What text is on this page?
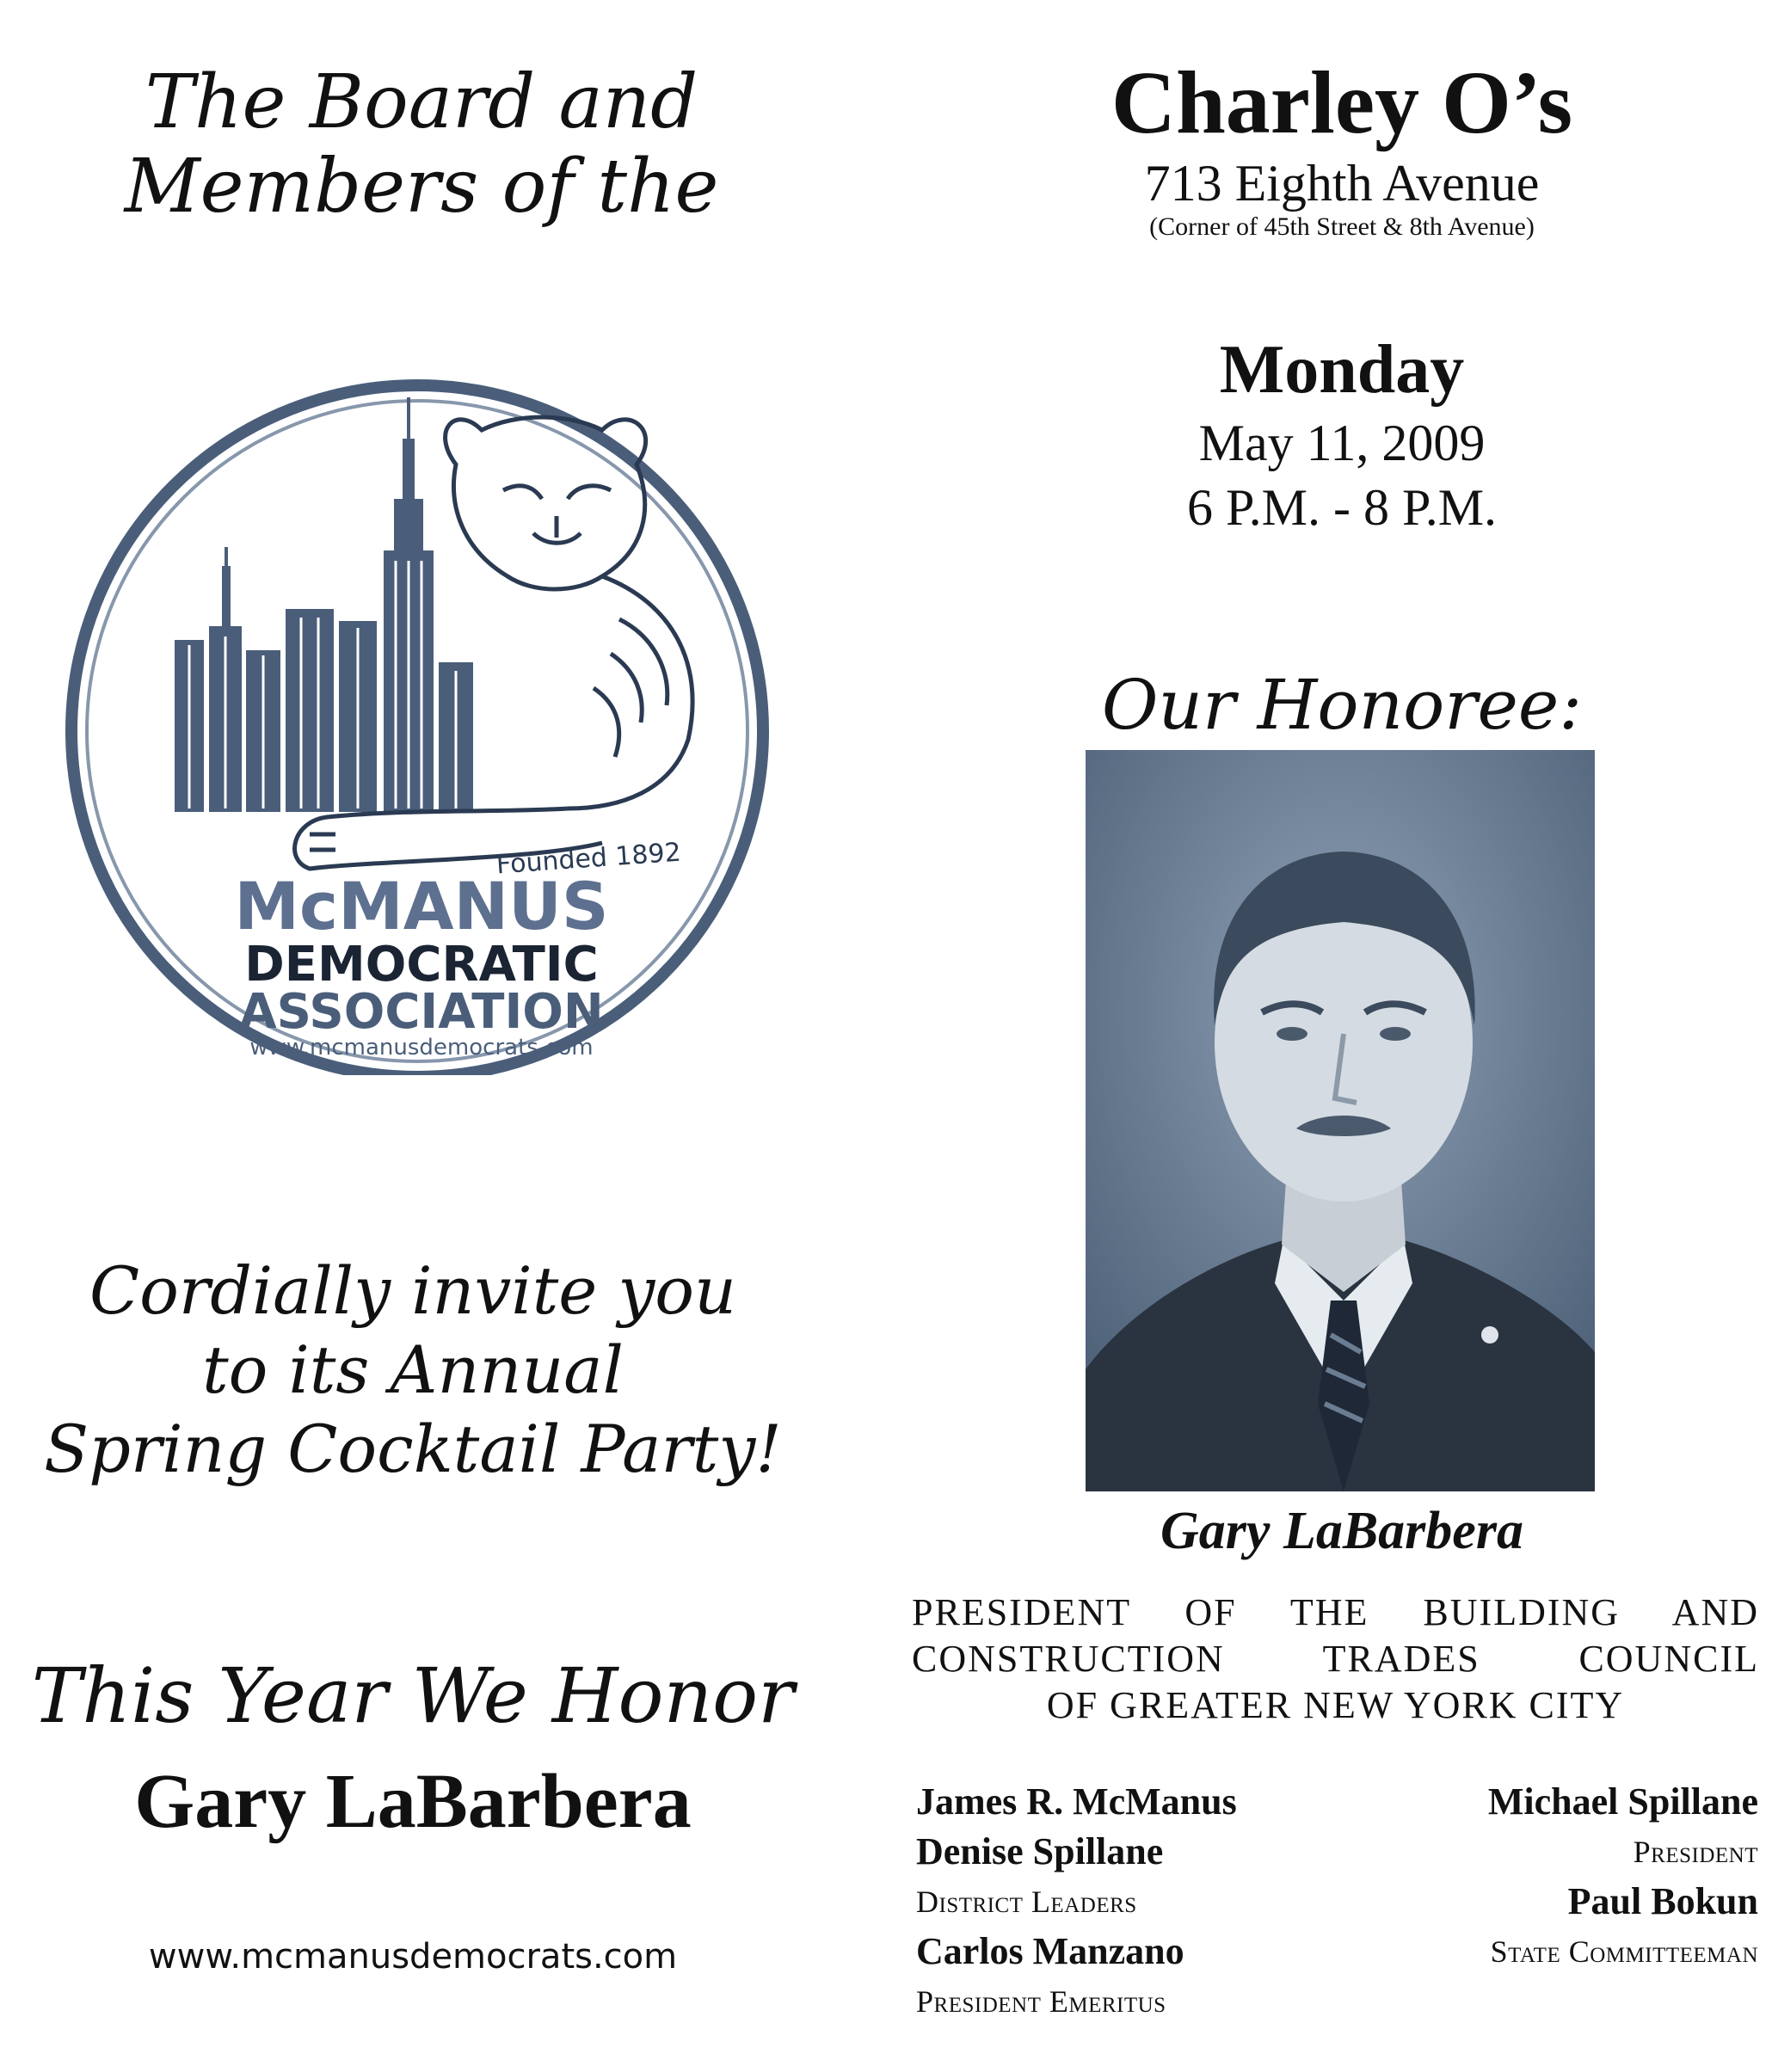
The Board and
Members of the
Founded 1892
McMANUS
DEMOCRATIC
ASSOCIATION
www.mcmanusdemocrats.com
Cordially invite you
to its Annual
Spring Cocktail Party!
This Year We Honor
Gary LaBarbera
www.mcmanusdemocrats.com
Charley O’s
713 Eighth Avenue
(Corner of 45th Street & 8th Avenue)
Monday
May 11, 2009
6 P.M. - 8 P.M.
Our Honoree:
Gary LaBarbera
PRESIDENT OF THE BUILDING AND
CONSTRUCTION TRADES COUNCIL
OF GREATER NEW YORK CITY
James R. McManus
Denise Spillane
District Leaders
Carlos Manzano
President Emeritus
Michael Spillane
President
Paul Bokun
State Committeeman
